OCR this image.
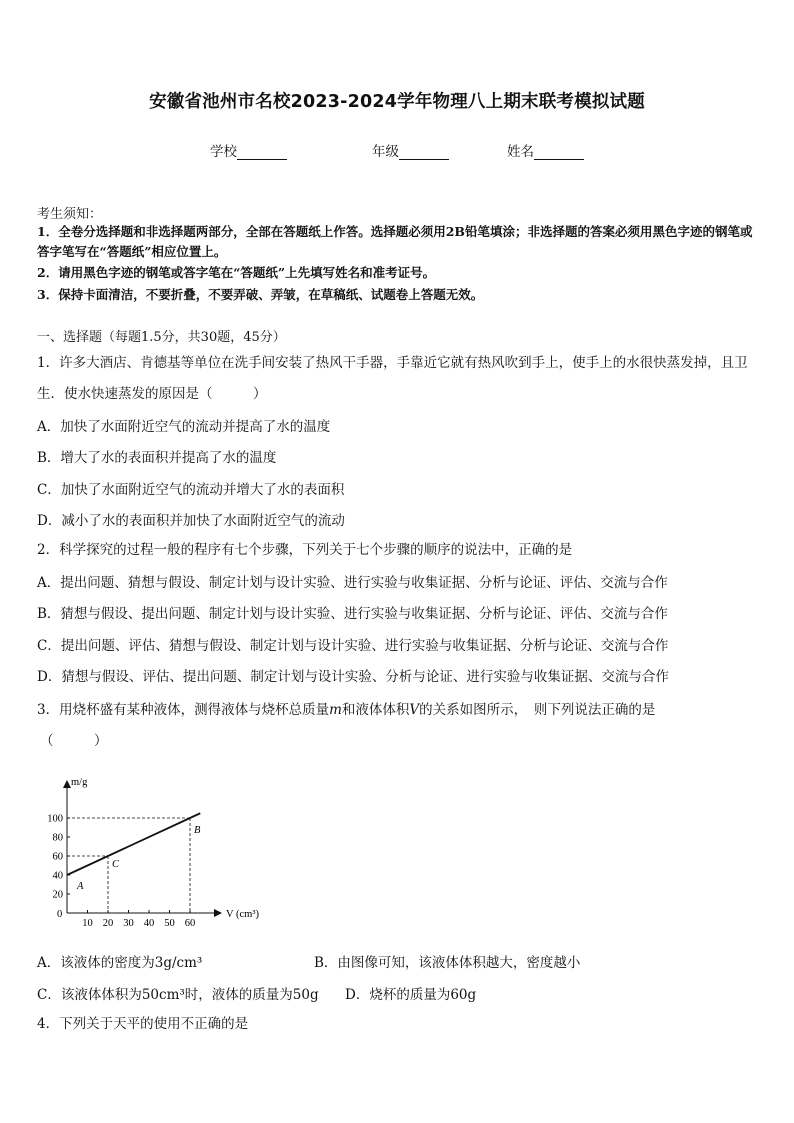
安徽省池州市名校2023-2024学年物理八上期末联考模拟试题
学校	年级	姓名
考生须知：
1．全卷分选择题和非选择题两部分，全部在答题纸上作答。选择题必须用2B铅笔填涂；非选择题的答案必须用黑色字迹的钢笔或答字笔写在“答题纸”相应位置上。
2．请用黑色字迹的钢笔或答字笔在“答题纸”上先填写姓名和准考证号。
3．保持卡面清洁，不要折叠，不要弄破、弄皱，在草稿纸、试题卷上答题无效。
一、选择题（每题1.5分，共30题，45分）
1．许多大酒店、肯德基等单位在洗手间安装了热风干手器，手靠近它就有热风吹到手上，使手上的水很快蒸发掉，且卫生．使水快速蒸发的原因是（　　　）
A．加快了水面附近空气的流动并提高了水的温度
B．增大了水的表面积并提高了水的温度
C．加快了水面附近空气的流动并增大了水的表面积
D．减小了水的表面积并加快了水面附近空气的流动
2．科学探究的过程一般的程序有七个步骤，下列关于七个步骤的顺序的说法中，正确的是
A．提出问题、猜想与假设、制定计划与设计实验、进行实验与收集证据、分析与论证、评估、交流与合作
B．猜想与假设、提出问题、制定计划与设计实验、进行实验与收集证据、分析与论证、评估、交流与合作
C．提出问题、评估、猜想与假设、制定计划与设计实验、进行实验与收集证据、分析与论证、交流与合作
D．猜想与假设、评估、提出问题、制定计划与设计实验、分析与论证、进行实验与收集证据、交流与合作
3．用烧杯盛有某种液体，测得液体与烧杯总质量m和液体体积V的关系如图所示，　则下列说法正确的是
（　　　）
10 20 30 40 50 60
20
40
60
80
100
A
C
B
m/g
V (cm³)
0
A．该液体的密度为3g/cm³	B．由图像可知，该液体体积越大，密度越小
C．该液体体积为50cm³时，液体的质量为50g D．烧杯的质量为60g
4．下列关于天平的使用不正确的是
